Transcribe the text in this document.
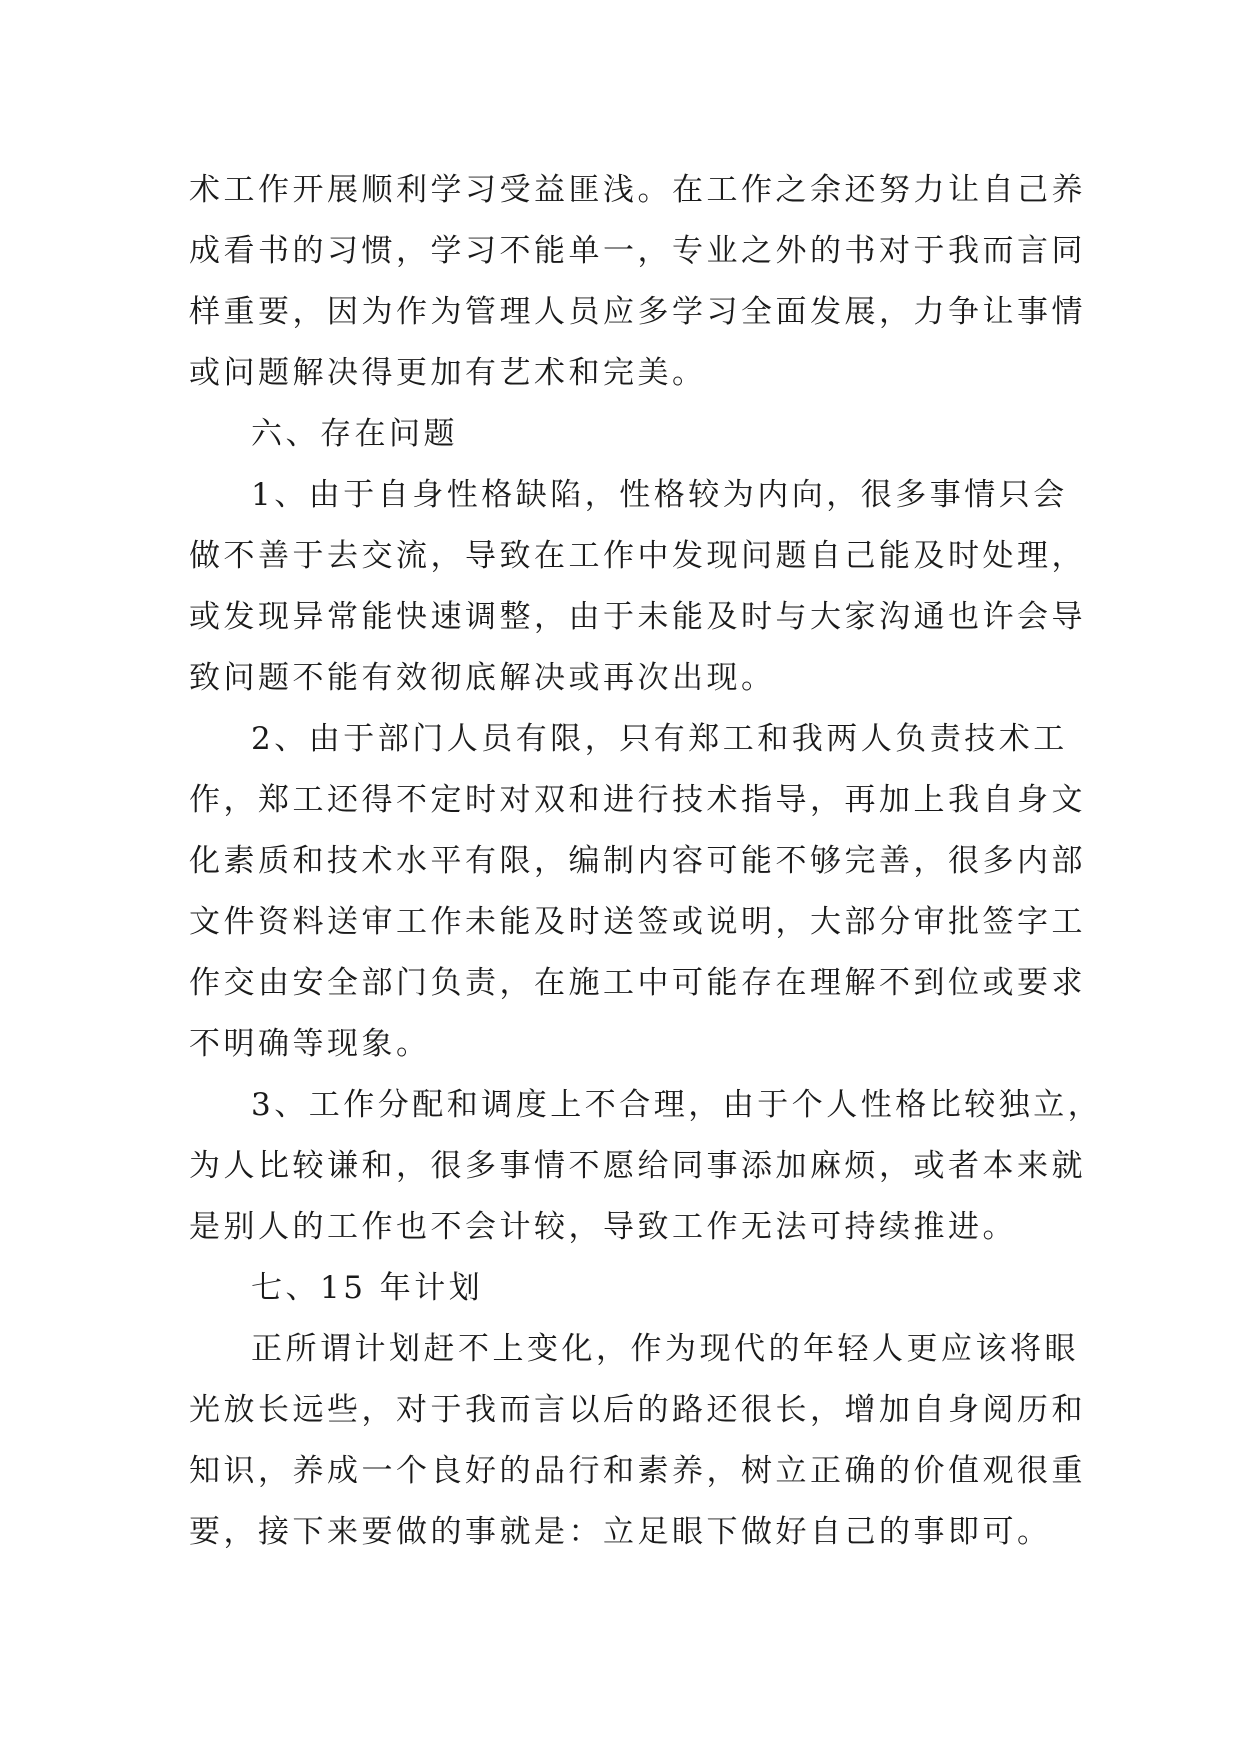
术工作开展顺利学习受益匪浅。在工作之余还努力让自己养
成看书的习惯，学习不能单一，专业之外的书对于我而言同
样重要，因为作为管理人员应多学习全面发展，力争让事情
或问题解决得更加有艺术和完美。

六、存在问题

1、由于自身性格缺陷，性格较为内向，很多事情只会
做不善于去交流，导致在工作中发现问题自己能及时处理，
或发现异常能快速调整，由于未能及时与大家沟通也许会导
致问题不能有效彻底解决或再次出现。

2、由于部门人员有限，只有郑工和我两人负责技术工
作，郑工还得不定时对双和进行技术指导，再加上我自身文
化素质和技术水平有限，编制内容可能不够完善，很多内部
文件资料送审工作未能及时送签或说明，大部分审批签字工
作交由安全部门负责，在施工中可能存在理解不到位或要求
不明确等现象。

3、工作分配和调度上不合理，由于个人性格比较独立，
为人比较谦和，很多事情不愿给同事添加麻烦，或者本来就
是别人的工作也不会计较，导致工作无法可持续推进。

七、15 年计划

正所谓计划赶不上变化，作为现代的年轻人更应该将眼
光放长远些，对于我而言以后的路还很长，增加自身阅历和
知识，养成一个良好的品行和素养，树立正确的价值观很重
要，接下来要做的事就是：立足眼下做好自己的事即可。
